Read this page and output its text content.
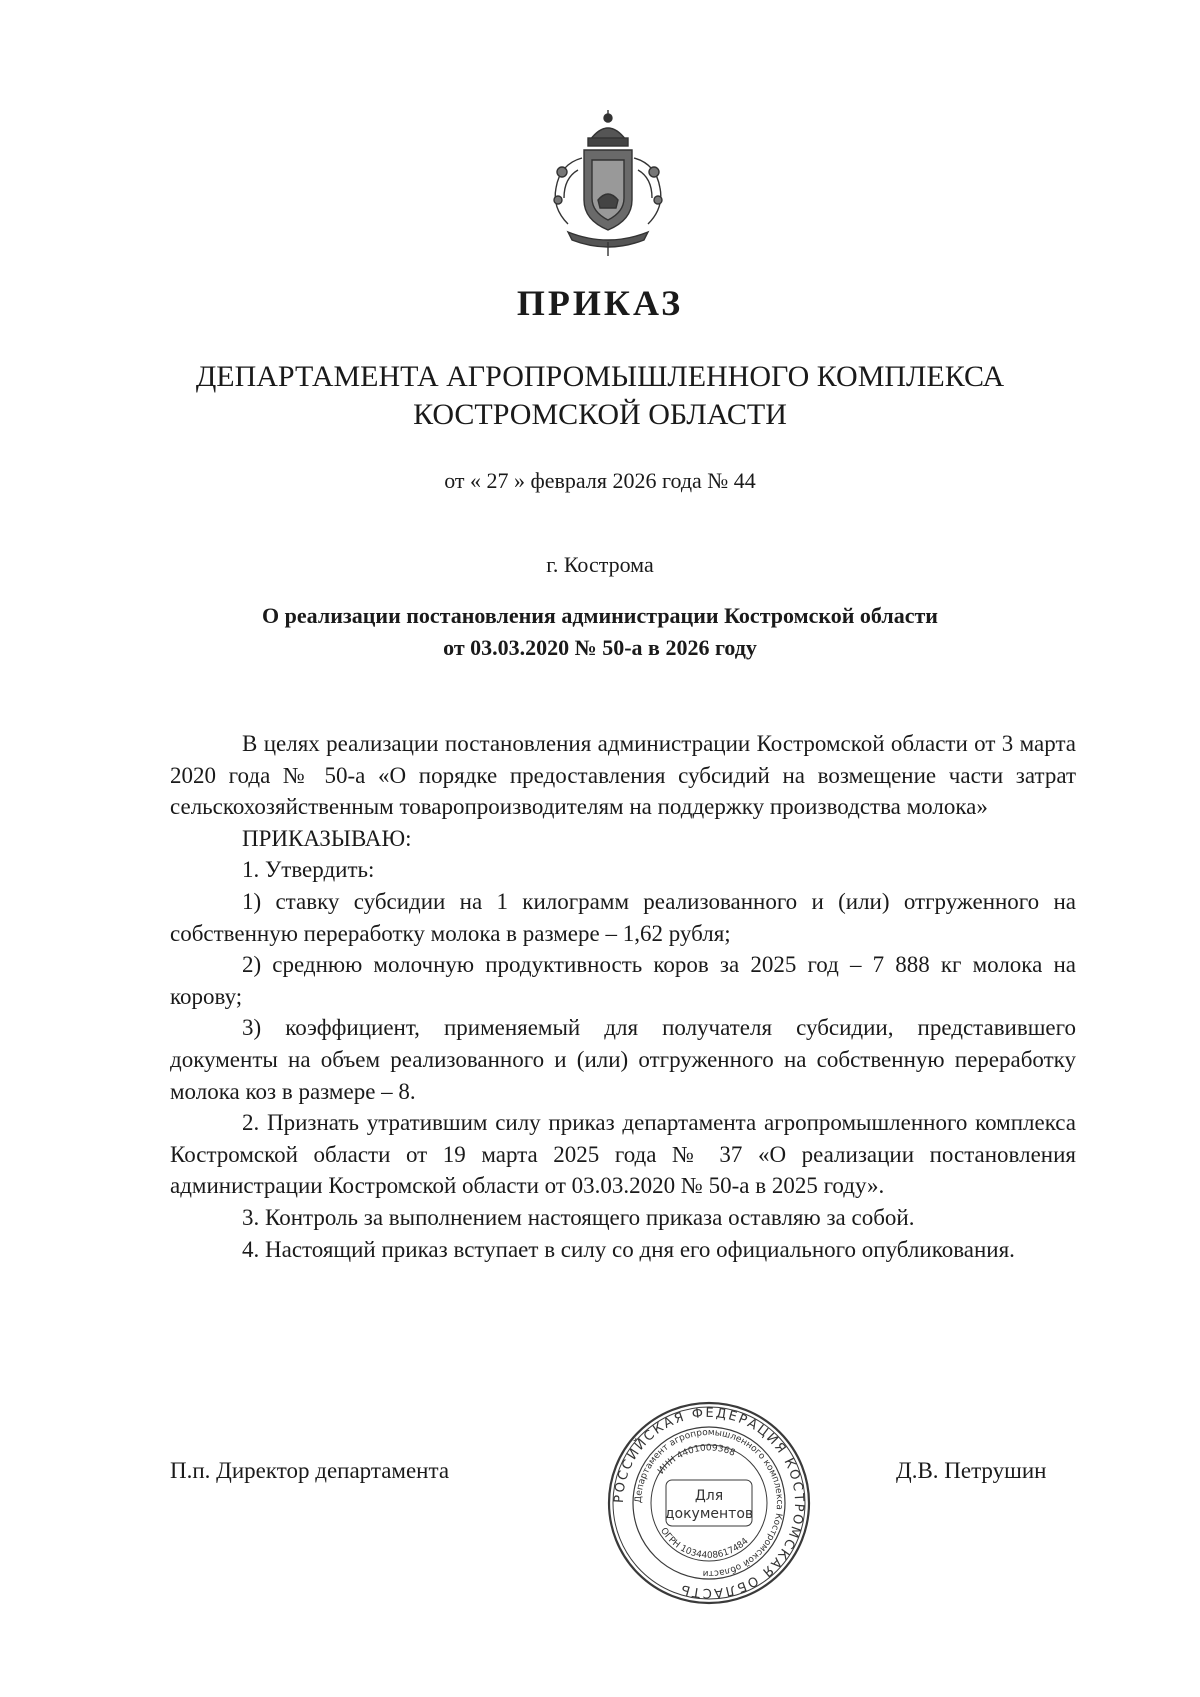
ПРИКАЗ
ДЕПАРТАМЕНТА АГРОПРОМЫШЛЕННОГО КОМПЛЕКСА
КОСТРОМСКОЙ ОБЛАСТИ
от « 27 » февраля 2026 года № 44
г. Кострома
О реализации постановления администрации Костромской области
от 03.03.2020 № 50-а в 2026 году

В целях реализации постановления администрации Костромской области от 3 марта 2020 года № 50-а «О порядке предоставления субсидий на возмещение части затрат сельскохозяйственным товаропроизводителям на поддержку производства молока»

ПРИКАЗЫВАЮ:

1. Утвердить:

1) ставку субсидии на 1 килограмм реализованного и (или) отгруженного на собственную переработку молока в размере – 1,62 рубля;

2) среднюю молочную продуктивность коров за 2025 год – 7 888 кг молока на корову;

3) коэффициент, применяемый для получателя субсидии, представившего документы на объем реализованного и (или) отгруженного на собственную переработку молока коз в размере – 8.

2. Признать утратившим силу приказ департамента агропромышленного комплекса Костромской области от 19 марта 2025 года № 37 «О реализации постановления администрации Костромской области от 03.03.2020 № 50-а в 2025 году».

3. Контроль за выполнением настоящего приказа оставляю за собой.

4. Настоящий приказ вступает в силу со дня его официального опубликования.

П.п. Директор департамента	Д.В. Петрушин
РОССИЙСКАЯ ФЕДЕРАЦИЯ КОСТРОМСКАЯ ОБЛАСТЬ
Департамент агропромышленного комплекса Костромской области
ИНН 4401009368
ОГРН 1034408617484
Для
документов
